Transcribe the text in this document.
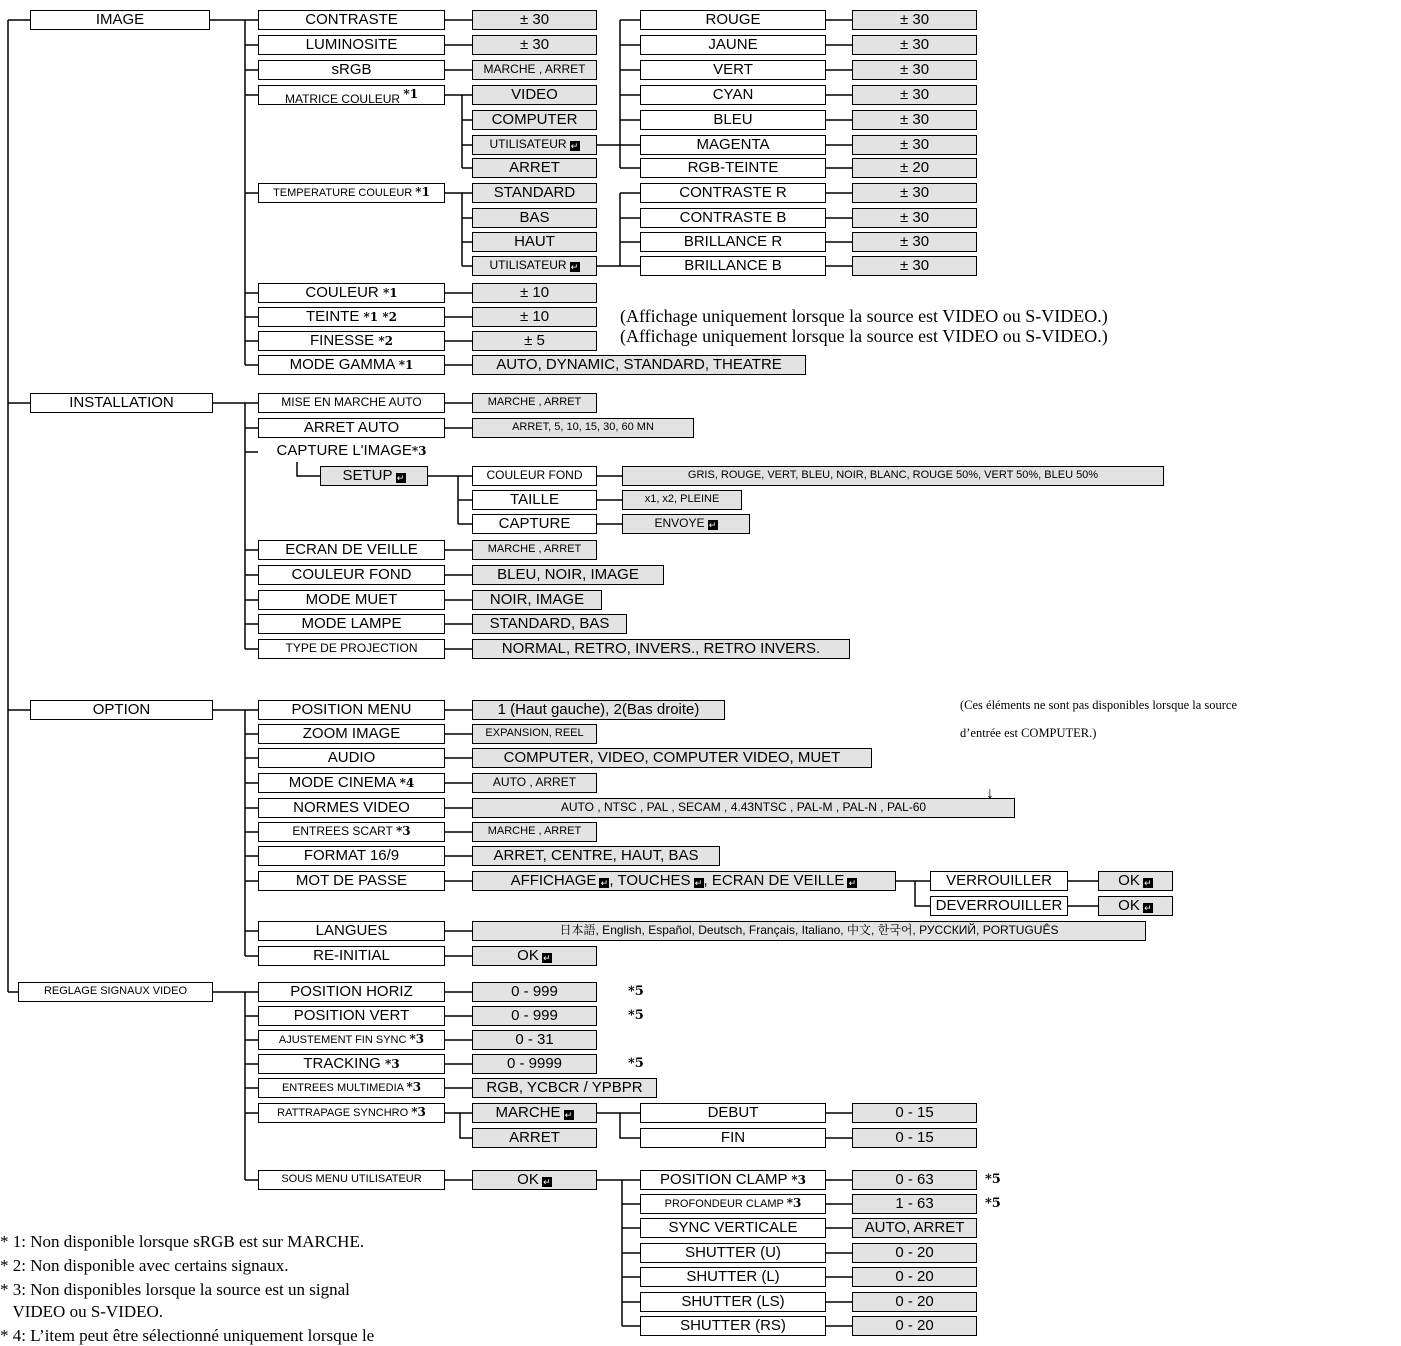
IMAGE	CONTRASTE	± 30
LUMINOSITE	± 30
sRGB	MARCHE , ARRET
MATRICE COULEUR $^{*1}$	VIDEO
COMPUTER
UTILISATEUR ↵
ARRET
ROUGE	± 30
JAUNE	± 30
VERT	± 30
CYAN	± 30
BLEU	± 30
MAGENTA	± 30
RGB-TEINTE	± 20
TEMPERATURE COULEUR *1	STANDARD
BAS
HAUT
UTILISATEUR ↵
CONTRASTE R	± 30
CONTRASTE B	± 30
BRILLANCE R	± 30
BRILLANCE B	± 30
COULEUR *1	± 10
TEINTE *1 *2	± 10
FINESSE *2	± 5
MODE GAMMA *1	AUTO, DYNAMIC, STANDARD, THEATRE
(Affichage uniquement lorsque la source est VIDEO ou S-VIDEO.)
(Affichage uniquement lorsque la source est VIDEO ou S-VIDEO.)
INSTALLATION	MISE EN MARCHE AUTO	MARCHE , ARRET
ARRET AUTO	ARRET, 5, 10, 15, 30, 60 MN
CAPTURE L'IMAGE*3
SETUP ↵	COULEUR FOND	GRIS, ROUGE, VERT, BLEU, NOIR, BLANC, ROUGE 50%, VERT 50%, BLEU 50%
TAILLE	x1, x2, PLEINE
CAPTURE	ENVOYE ↵
ECRAN DE VEILLE	MARCHE , ARRET
COULEUR FOND	BLEU, NOIR, IMAGE
MODE MUET	NOIR, IMAGE
MODE LAMPE	STANDARD, BAS
TYPE DE PROJECTION	NORMAL, RETRO, INVERS., RETRO INVERS.
OPTION	POSITION MENU	1 (Haut gauche), 2(Bas droite)
ZOOM IMAGE	EXPANSION, REEL
AUDIO	COMPUTER, VIDEO, COMPUTER VIDEO, MUET
MODE CINEMA *4	AUTO , ARRET
NORMES VIDEO	AUTO , NTSC , PAL , SECAM , 4.43NTSC , PAL-M , PAL-N , PAL-60
ENTREES SCART *3	MARCHE , ARRET
FORMAT 16/9	ARRET, CENTRE, HAUT, BAS
MOT DE PASSE	AFFICHAGE ↵, TOUCHES ↵, ECRAN DE VEILLE ↵	VERROUILLER	OK ↵
DEVERROUILLER	OK ↵
LANGUES	日本語, English, Español, Deutsch, Français, Italiano, 中文, 한국어, РУССКИЙ, PORTUGUÊS
RE-INITIAL	OK ↵
(Ces éléments ne sont pas disponibles lorsque la source
d’entrée est COMPUTER.)
↓
REGLAGE SIGNAUX VIDEO	POSITION HORIZ	0 - 999	*5
POSITION VERT	0 - 999	*5
AJUSTEMENT FIN SYNC *3	0 - 31
TRACKING *3	0 - 9999	*5
ENTREES MULTIMEDIA *3	RGB, YCBCR / YPBPR
RATTRAPAGE SYNCHRO *3	MARCHE ↵
ARRET
DEBUT	0 - 15
FIN	0 - 15
SOUS MENU UTILISATEUR	OK ↵	POSITION CLAMP *3	0 - 63	*5
PROFONDEUR CLAMP *3	1 - 63	*5
SYNC VERTICALE	AUTO, ARRET
SHUTTER (U)	0 - 20
SHUTTER (L)	0 - 20
SHUTTER (LS)	0 - 20
SHUTTER (RS)	0 - 20
* 1: Non disponible lorsque sRGB est sur MARCHE.
* 2: Non disponible avec certains signaux.
* 3: Non disponibles lorsque la source est un signal
VIDEO ou S-VIDEO.
* 4: L’item peut être sélectionné uniquement lorsque le
